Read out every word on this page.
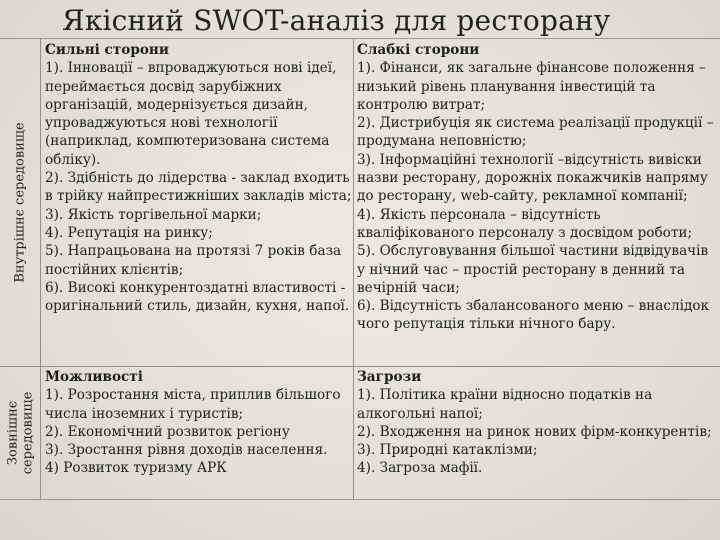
Якісний SWOT-аналіз для ресторану
Внутрішнє середовище
Зовнішнє середовище
Сильні сторони
1). Інновації – впроваджуються нові ідеї,
переймається досвід зарубіжних
організацій, модернізується дизайн,
упроваджуються нові технології
(наприклад, компютеризована система
обліку).
2). Здібність до лідерства - заклад входить
в трійку найпрестижніших закладів міста;
3). Якість торгівельної марки;
4). Репутація на ринку;
5). Напрацьована на протязі 7 років база
постійних клієнтів;
6). Високі конкурентоздатні властивості -
оригінальний стиль, дизайн, кухня, напої.
Слабкі сторони
1). Фінанси, як загальне фінансове положення –
низький рівень планування інвестицій та
контролю витрат;
2). Дистрибуція як система реалізації продукції –
продумана неповністю;
3). Інформаційні технології –відсутність вивіски
назви ресторану, дорожніх покажчиків напряму
до ресторану, web-сайту, рекламної компанії;
4). Якість персонала – відсутність
кваліфікованого персоналу з досвідом роботи;
5). Обслуговування більшої частини відвідувачів
у нічний час – простій ресторану в денний та
вечірній часи;
6). Відсутність збалансованого меню – внаслідок
чого репутація тільки нічного бару.
Можливості
1). Розростання міста, приплив більшого
числа іноземних і туристів;
2). Економічний розвиток регіону
3). Зростання рівня доходів населення.
4) Розвиток туризму АРК
Загрози
1). Політика країни відносно податків на
алкогольні напої;
2). Входження на ринок нових фірм-конкурентів;
3). Природні катаклізми;
4). Загроза мафії.
